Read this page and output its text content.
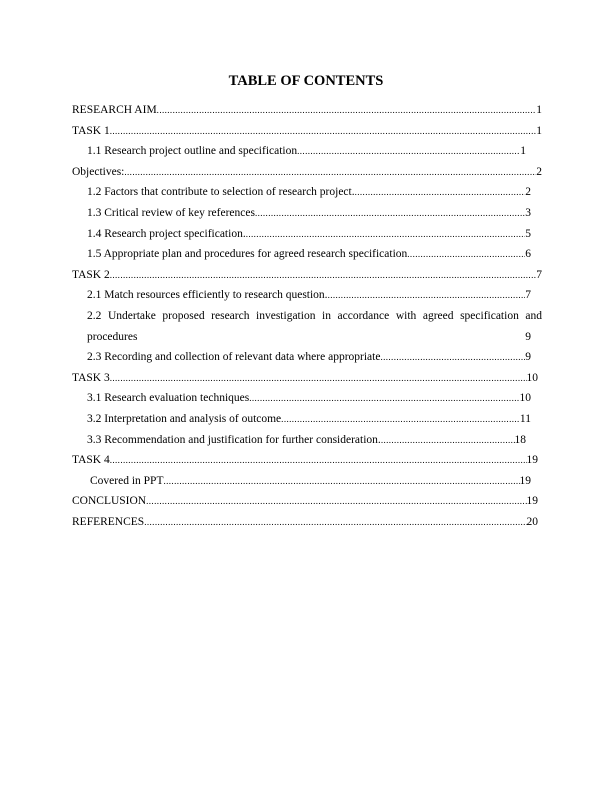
TABLE OF CONTENTS
RESEARCH AIM .....	1
TASK 1 .....	1
1.1 Research project outline and specification .....	1
Objectives: .....	2
1.2 Factors that contribute to selection of research project. .....	2
1.3 Critical review of key references .....	3
1.4 Research project specification. .....	5
1.5 Appropriate plan and procedures for agreed research specification .....	6
TASK 2 .....	7
2.1 Match resources efficiently to research question. .....	7
2.2 Undertake proposed research investigation in accordance with agreed specification and
procedures	9
2.3 Recording and collection of relevant data where appropriate .....	9
TASK 3 .....	10
3.1 Research evaluation techniques .....	10
3.2 Interpretation and analysis of outcome .....	11
3.3 Recommendation and justification for further consideration. .....	18
TASK 4 .....	19
Covered in PPT .....	19
CONCLUSION .....	19
REFERENCES .....	20
